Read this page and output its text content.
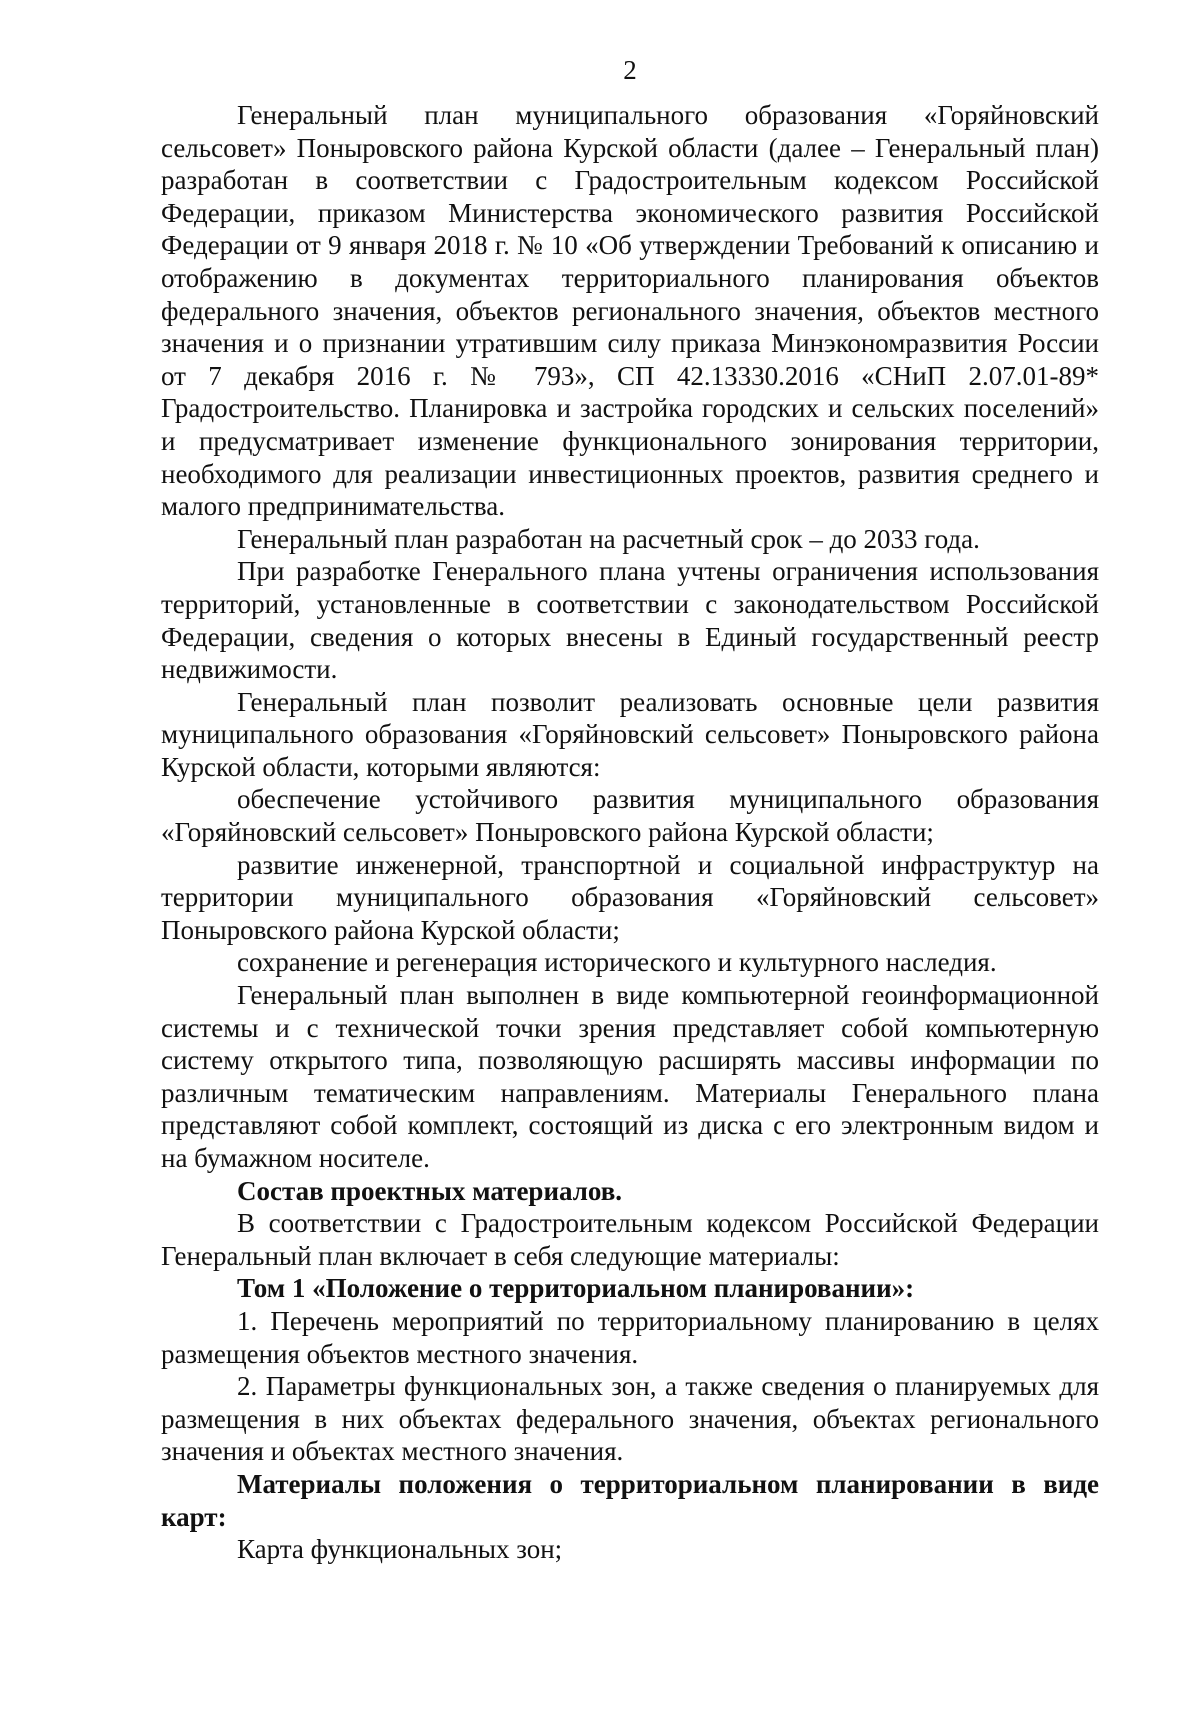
2

Генеральный план муниципального образования «Горяйновский сельсовет» Поныровского района Курской области (далее – Генеральный план) разработан в соответствии с Градостроительным кодексом Российской Федерации, приказом Министерства экономического развития Российской Федерации от 9 января 2018 г. № 10 «Об утверждении Требований к описанию и отображению в документах территориального планирования объектов федерального значения, объектов регионального значения, объектов местного значения и о признании утратившим силу приказа Минэкономразвития России от 7 декабря 2016 г. № 793», СП 42.13330.2016 «СНиП 2.07.01-89* Градостроительство. Планировка и застройка городских и сельских поселений» и предусматривает изменение функционального зонирования территории, необходимого для реализации инвестиционных проектов, развития среднего и малого предпринимательства.

Генеральный план разработан на расчетный срок – до 2033 года.

При разработке Генерального плана учтены ограничения использования территорий, установленные в соответствии с законодательством Российской Федерации, сведения о которых внесены в Единый государственный реестр недвижимости.

Генеральный план позволит реализовать основные цели развития муниципального образования «Горяйновский сельсовет» Поныровского района Курской области, которыми являются:

обеспечение устойчивого развития муниципального образования «Горяйновский сельсовет» Поныровского района Курской области;

развитие инженерной, транспортной и социальной инфраструктур на территории муниципального образования «Горяйновский сельсовет» Поныровского района Курской области;

сохранение и регенерация исторического и культурного наследия.

Генеральный план выполнен в виде компьютерной геоинформационной системы и с технической точки зрения представляет собой компьютерную систему открытого типа, позволяющую расширять массивы информации по различным тематическим направлениям. Материалы Генерального плана представляют собой комплект, состоящий из диска с его электронным видом и на бумажном носителе.

Состав проектных материалов.

В соответствии с Градостроительным кодексом Российской Федерации Генеральный план включает в себя следующие материалы:

Том 1 «Положение о территориальном планировании»:

1. Перечень мероприятий по территориальному планированию в целях размещения объектов местного значения.

2. Параметры функциональных зон, а также сведения о планируемых для размещения в них объектах федерального значения, объектах регионального значения и объектах местного значения.

Материалы положения о территориальном планировании в виде карт:

Карта функциональных зон;
